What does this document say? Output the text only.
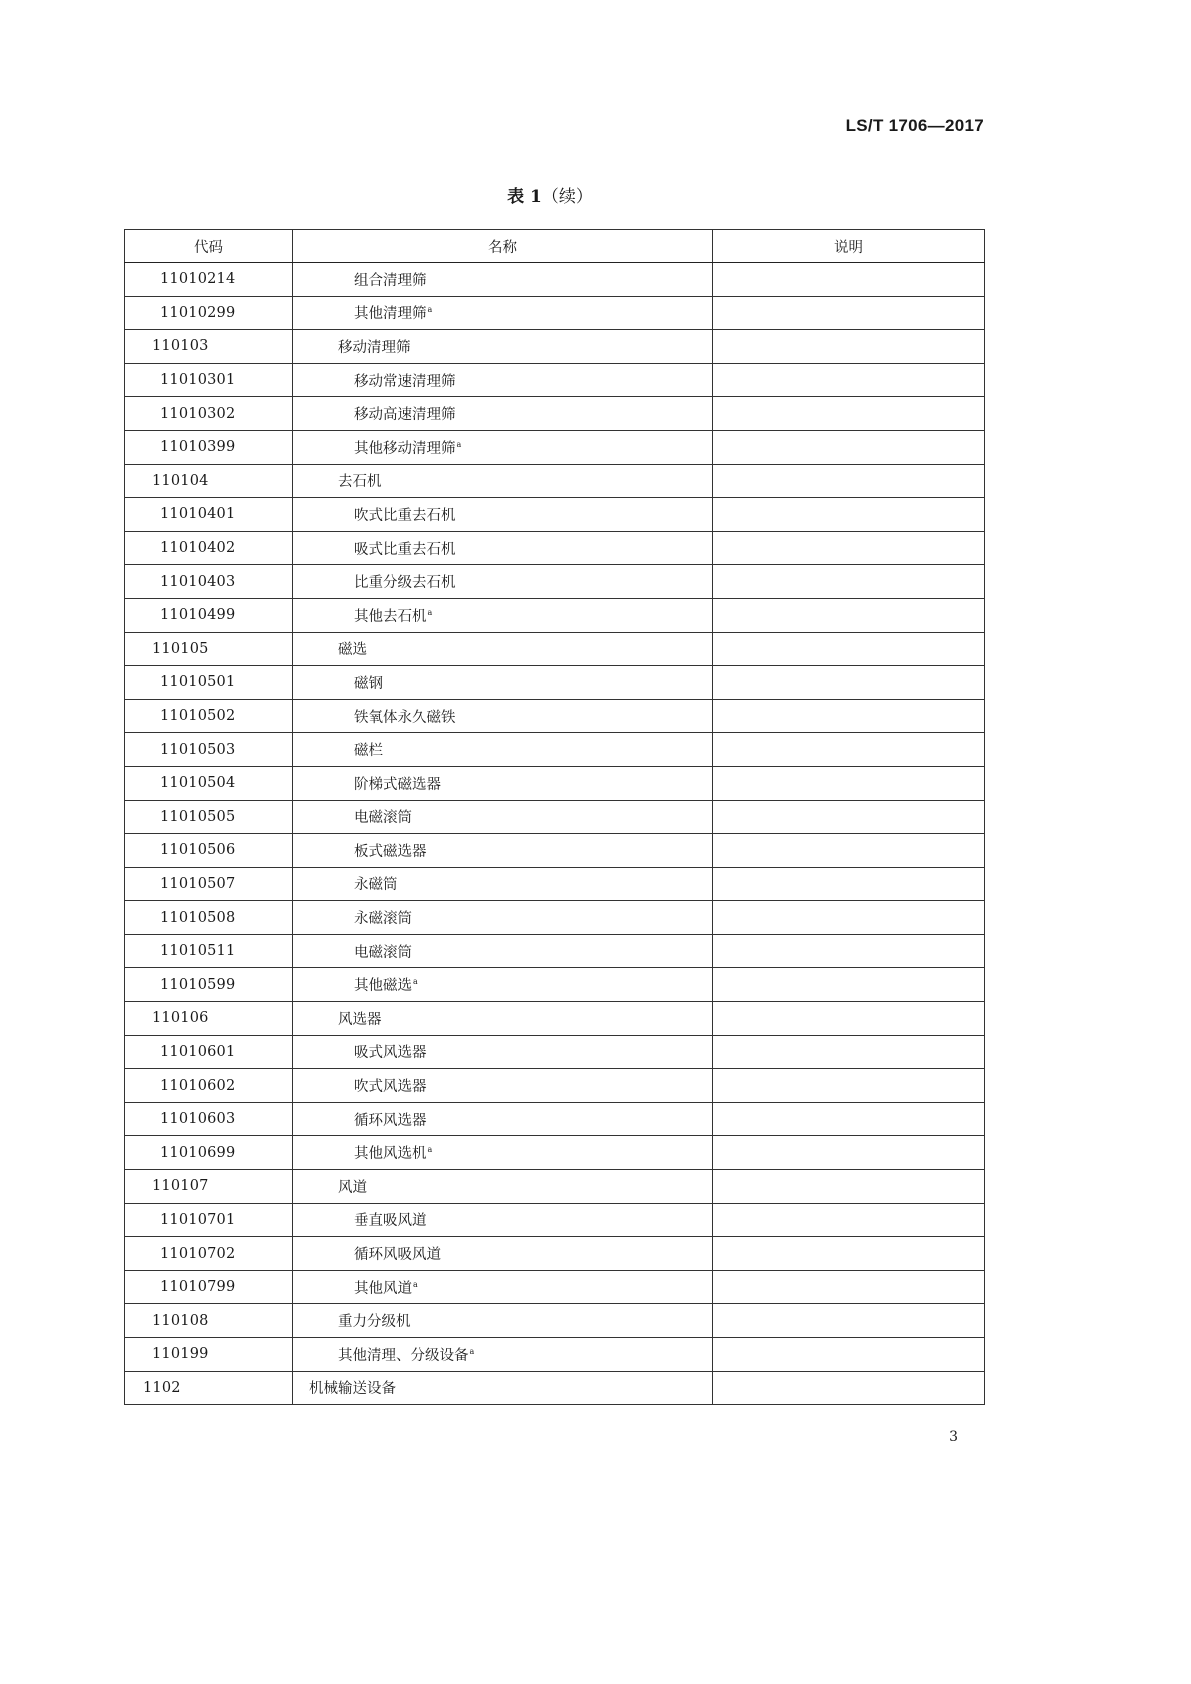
LS/T 1706—2017
表 1（续）
代码	名称	说明
11010214	组合清理筛	
11010299	其他清理筛$^a$	
110103	移动清理筛	
11010301	移动常速清理筛	
11010302	移动高速清理筛	
11010399	其他移动清理筛$^a$	
110104	去石机	
11010401	吹式比重去石机	
11010402	吸式比重去石机	
11010403	比重分级去石机	
11010499	其他去石机$^a$	
110105	磁选	
11010501	磁钢	
11010502	铁氧体永久磁铁	
11010503	磁栏	
11010504	阶梯式磁选器	
11010505	电磁滚筒	
11010506	板式磁选器	
11010507	永磁筒	
11010508	永磁滚筒	
11010511	电磁滚筒	
11010599	其他磁选$^a$	
110106	风选器	
11010601	吸式风选器	
11010602	吹式风选器	
11010603	循环风选器	
11010699	其他风选机$^a$	
110107	风道	
11010701	垂直吸风道	
11010702	循环风吸风道	
11010799	其他风道$^a$	
110108	重力分级机	
110199	其他清理、分级设备$^a$	
1102	机械输送设备	
3
